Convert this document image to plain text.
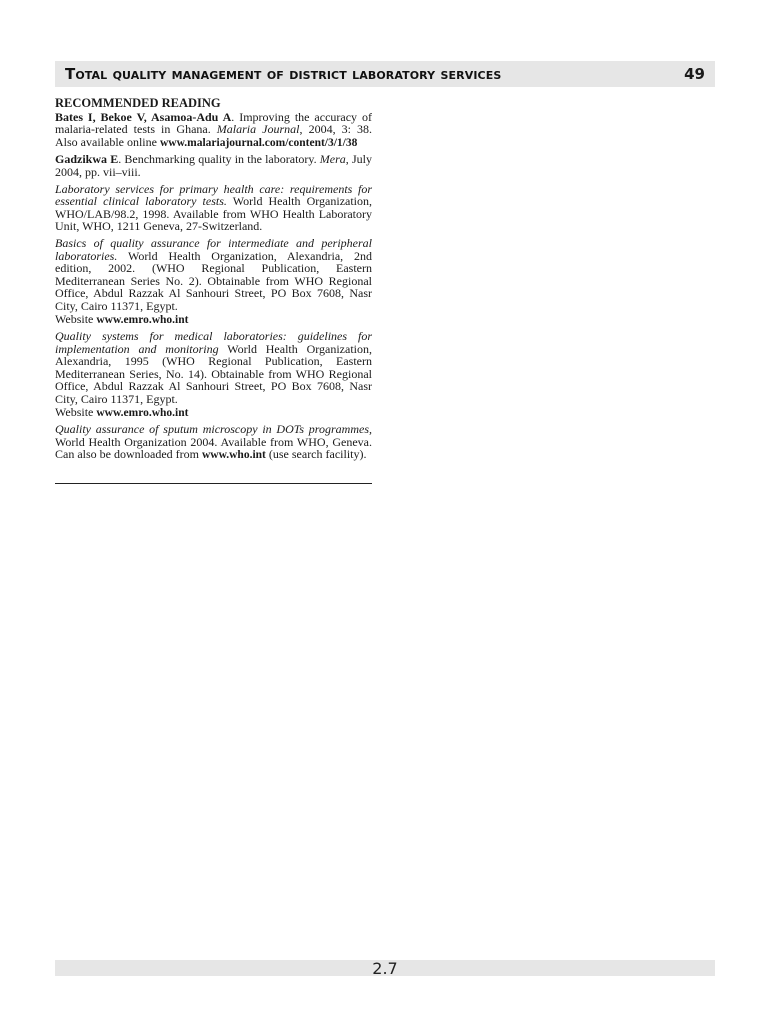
Total quality management of district laboratory services	49
RECOMMENDED READING

Bates I, Bekoe V, Asamoa-Adu A. Improving the accuracy of malaria-related tests in Ghana. Malaria Journal, 2004, 3: 38. Also available online www.malariajournal.com/content/3/1/38

Gadzikwa E. Benchmarking quality in the laboratory. Mera, July 2004, pp. vii–viii.

Laboratory services for primary health care: requirements for essential clinical laboratory tests. World Health Organization, WHO/LAB/98.2, 1998. Available from WHO Health Laboratory Unit, WHO, 1211 Geneva, 27-Switzerland.

Basics of quality assurance for intermediate and peripheral laboratories. World Health Organization, Alexandria, 2nd edition, 2002. (WHO Regional Publication, Eastern Mediterranean Series No. 2). Obtainable from WHO Regional Office, Abdul Razzak Al Sanhouri Street, PO Box 7608, Nasr City, Cairo 11371, Egypt.
Website www.emro.who.int

Quality systems for medical laboratories: guidelines for implementation and monitoring World Health Organization, Alexandria, 1995 (WHO Regional Publication, Eastern Mediterranean Series, No. 14). Obtainable from WHO Regional Office, Abdul Razzak Al Sanhouri Street, PO Box 7608, Nasr City, Cairo 11371, Egypt.
Website www.emro.who.int

Quality assurance of sputum microscopy in DOTs programmes, World Health Organization 2004. Available from WHO, Geneva. Can also be downloaded from www.who.int (use search facility).

2.7
